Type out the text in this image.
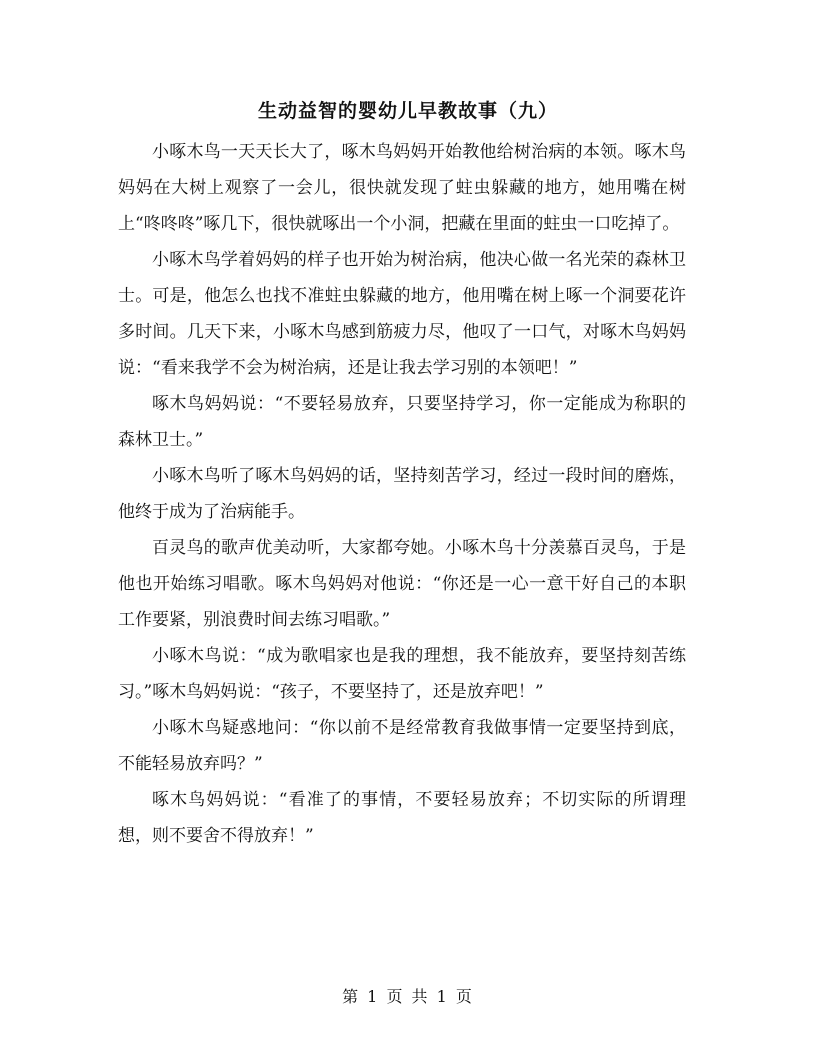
生动益智的婴幼儿早教故事（九）

小啄木鸟一天天长大了，啄木鸟妈妈开始教他给树治病的本领。啄木鸟妈妈在大树上观察了一会儿，很快就发现了蛀虫躲藏的地方，她用嘴在树上“咚咚咚”啄几下，很快就啄出一个小洞，把藏在里面的蛀虫一口吃掉了。

小啄木鸟学着妈妈的样子也开始为树治病，他决心做一名光荣的森林卫士。可是，他怎么也找不准蛀虫躲藏的地方，他用嘴在树上啄一个洞要花许多时间。几天下来，小啄木鸟感到筋疲力尽，他叹了一口气，对啄木鸟妈妈说：“看来我学不会为树治病，还是让我去学习别的本领吧！”

啄木鸟妈妈说：“不要轻易放弃，只要坚持学习，你一定能成为称职的森林卫士。”

小啄木鸟听了啄木鸟妈妈的话，坚持刻苦学习，经过一段时间的磨炼，他终于成为了治病能手。

百灵鸟的歌声优美动听，大家都夸她。小啄木鸟十分羡慕百灵鸟，于是他也开始练习唱歌。啄木鸟妈妈对他说：“你还是一心一意干好自己的本职工作要紧，别浪费时间去练习唱歌。”

小啄木鸟说：“成为歌唱家也是我的理想，我不能放弃，要坚持刻苦练习。”啄木鸟妈妈说：“孩子，不要坚持了，还是放弃吧！”

小啄木鸟疑惑地问：“你以前不是经常教育我做事情一定要坚持到底，不能轻易放弃吗？”

啄木鸟妈妈说：“看准了的事情，不要轻易放弃；不切实际的所谓理想，则不要舍不得放弃！”

第 1 页 共 1 页
